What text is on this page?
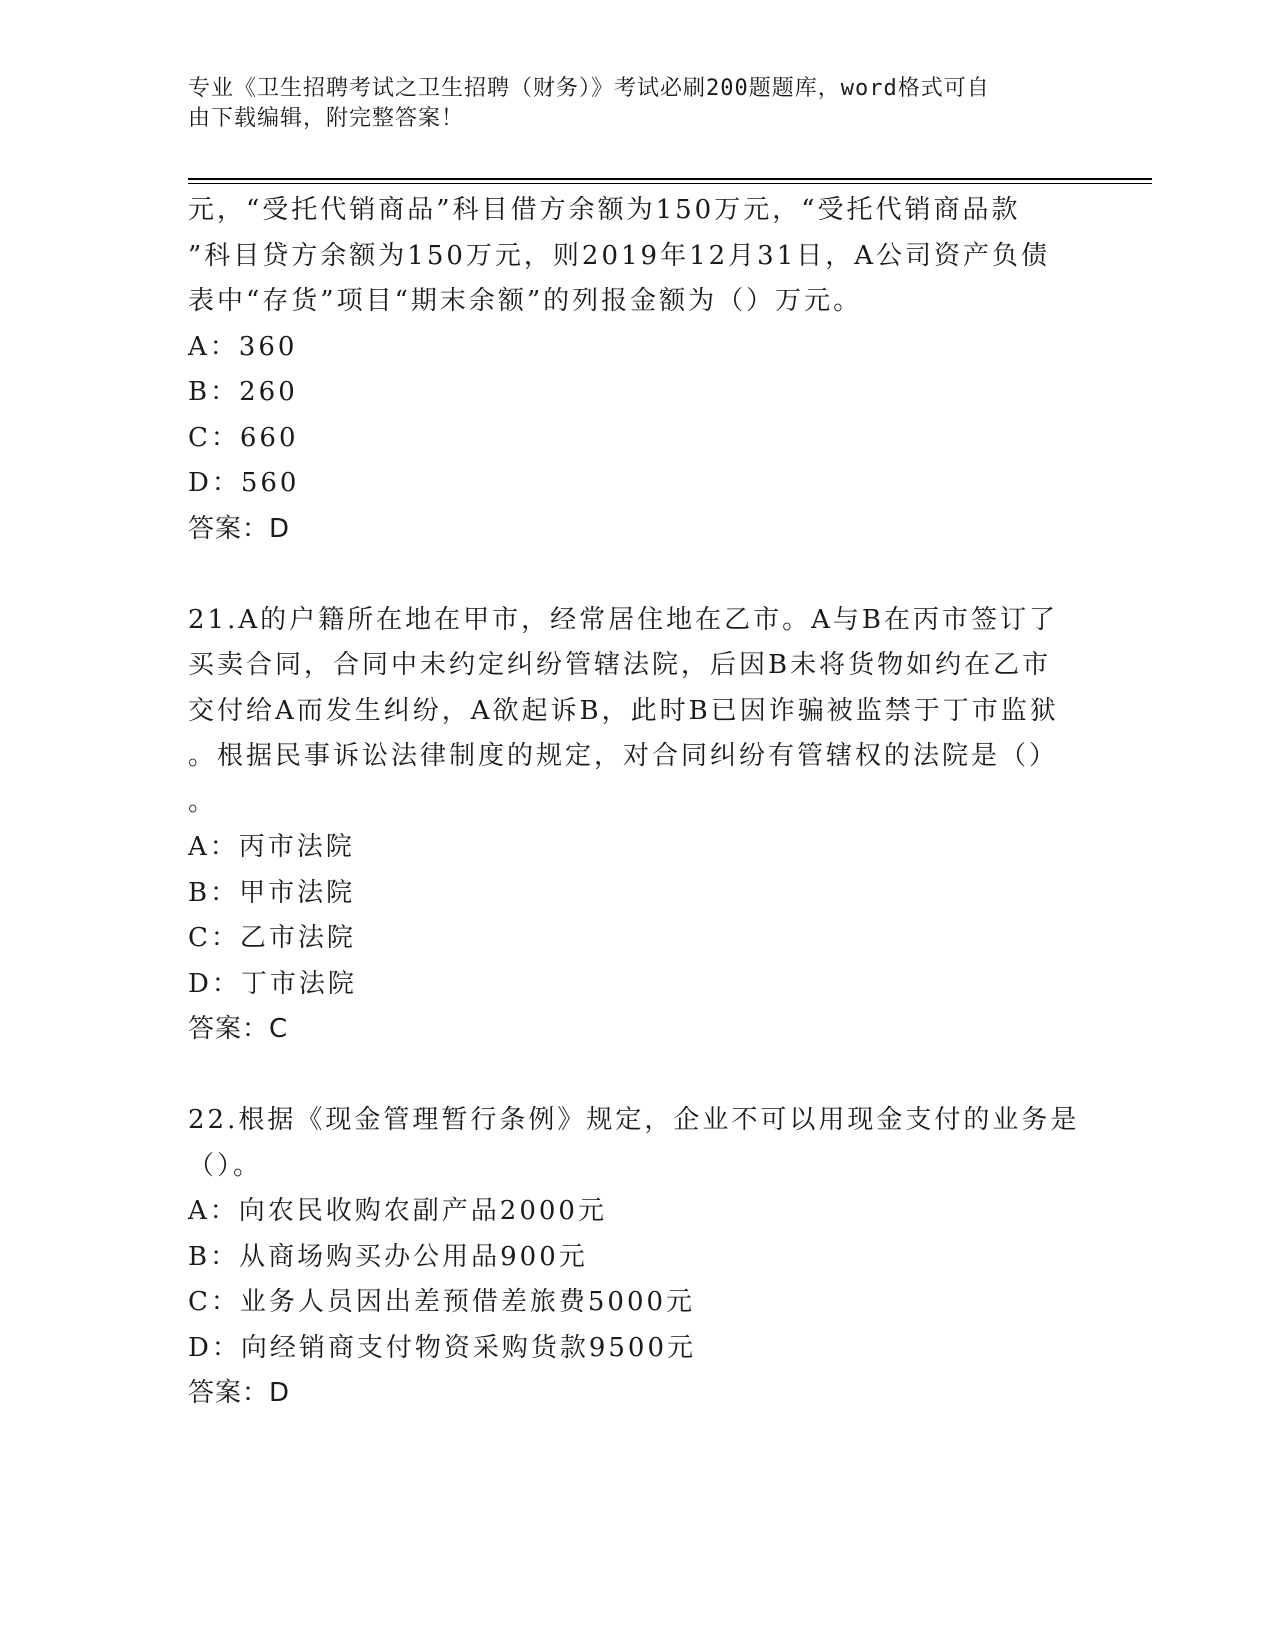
专业《卫生招聘考试之卫生招聘（财务）》考试必刷200题题库，word格式可自
由下载编辑，附完整答案！
元，“受托代销商品”科目借方余额为150万元，“受托代销商品款
”科目贷方余额为150万元，则2019年12月31日，A公司资产负债
表中“存货”项目“期末余额”的列报金额为（）万元。
A：360
B：260
C：660
D：560
答案：D
21.A的户籍所在地在甲市，经常居住地在乙市。A与B在丙市签订了
买卖合同，合同中未约定纠纷管辖法院，后因B未将货物如约在乙市
交付给A而发生纠纷，A欲起诉B，此时B已因诈骗被监禁于丁市监狱
。根据民事诉讼法律制度的规定，对合同纠纷有管辖权的法院是（）
。
A：丙市法院
B：甲市法院
C：乙市法院
D：丁市法院
答案：C
22.根据《现金管理暂行条例》规定，企业不可以用现金支付的业务是
（）。
A：向农民收购农副产品2000元
B：从商场购买办公用品900元
C：业务人员因出差预借差旅费5000元
D：向经销商支付物资采购货款9500元
答案：D
